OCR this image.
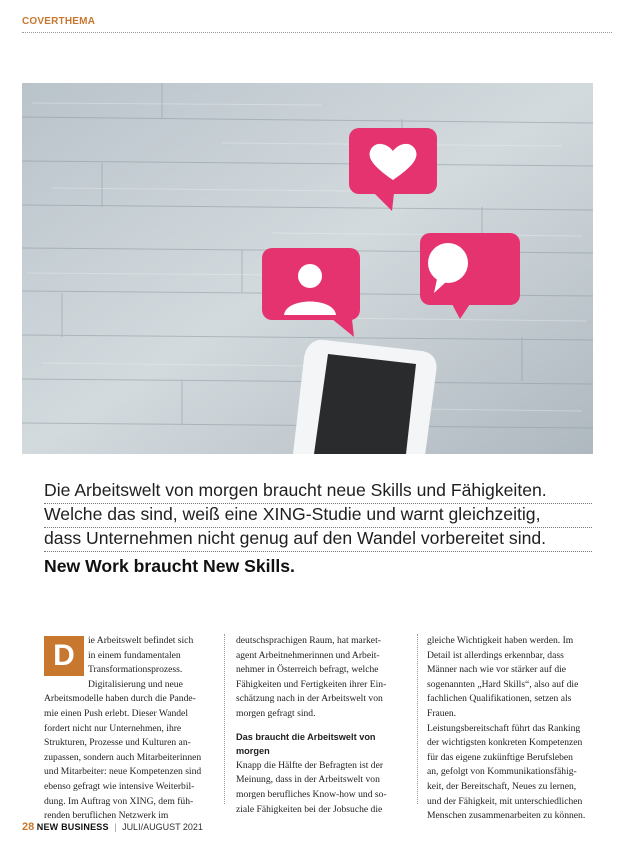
COVERTHEMA
Die Arbeitswelt von morgen braucht neue Skills und Fähigkeiten.
Welche das sind, weiß eine XING-Studie und warnt gleichzeitig,
dass Unternehmen nicht genug auf den Wandel vorbereitet sind.
New Work braucht New Skills.
D	ie Arbeitswelt befindet sich
in einem fundamentalen
Transformationsprozess.
Digitalisierung und neue
Arbeitsmodelle haben durch die Pande-
mie einen Push erlebt. Dieser Wandel
fordert nicht nur Unternehmen, ihre
Strukturen, Prozesse und Kulturen an-
zupassen, sondern auch Mitarbeiterinnen
und Mitarbeiter: neue Kompetenzen sind
ebenso gefragt wie intensive Weiterbil-
dung. Im Auftrag von XING, dem füh-
renden beruflichen Netzwerk im
deutschsprachigen Raum, hat market-
agent Arbeitnehmerinnen und Arbeit-
nehmer in Österreich befragt, welche
Fähigkeiten und Fertigkeiten ihrer Ein-
schätzung nach in der Arbeitswelt von
morgen gefragt sind.
Das braucht die Arbeitswelt von
morgen
Knapp die Hälfte der Befragten ist der
Meinung, dass in der Arbeitswelt von
morgen berufliches Know-how und so-
ziale Fähigkeiten bei der Jobsuche die
gleiche Wichtigkeit haben werden. Im
Detail ist allerdings erkennbar, dass
Männer nach wie vor stärker auf die
sogenannten „Hard Skills“, also auf die
fachlichen Qualifikationen, setzen als
Frauen.
Leistungsbereitschaft führt das Ranking
der wichtigsten konkreten Kompetenzen
für das eigene zukünftige Berufsleben
an, gefolgt von Kommunikationsfähig-
keit, der Bereitschaft, Neues zu lernen,
und der Fähigkeit, mit unterschiedlichen
Menschen zusammenarbeiten zu können.
28 NEW BUSINESS | JULI/AUGUST 2021
